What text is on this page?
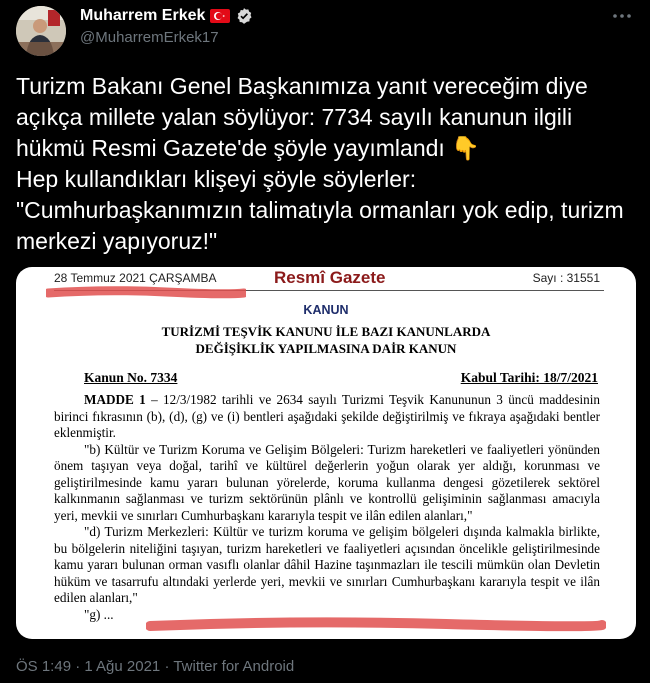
Muharrem Erkek
@MuharremErkek17

Turizm Bakanı Genel Başkanımıza yanıt vereceğim diye açıkça millete yalan söylüyor: 7734 sayılı kanunun ilgili hükmü Resmi Gazete'de şöyle yayımlandı 👇

Hep kullandıkları klişeyi şöyle söylerler:

"Cumhurbaşkanımızın talimatıyla ormanları yok edip, turizm merkezi yapıyoruz!"

28 Temmuz 2021 ÇARŞAMBA	Resmî Gazete	Sayı : 31551
KANUN
TURİZMİ TEŞVİK KANUNU İLE BAZI KANUNLARDA
DEĞİŞİKLİK YAPILMASINA DAİR KANUN
Kanun No. 7334	Kabul Tarihi: 18/7/2021

MADDE 1 – 12/3/1982 tarihli ve 2634 sayılı Turizmi Teşvik Kanununun 3 üncü maddesinin birinci fıkrasının (b), (d), (g) ve (i) bentleri aşağıdaki şekilde değiştirilmiş ve fıkraya aşağıdaki bentler eklenmiştir.

"b) Kültür ve Turizm Koruma ve Gelişim Bölgeleri: Turizm hareketleri ve faaliyetleri yönünden önem taşıyan veya doğal, tarihî ve kültürel değerlerin yoğun olarak yer aldığı, korunması ve geliştirilmesinde kamu yararı bulunan yörelerde, koruma kullanma dengesi gözetilerek sektörel kalkınmanın sağlanması ve turizm sektörünün plânlı ve kontrollü gelişiminin sağlanması amacıyla yeri, mevkii ve sınırları Cumhurbaşkanı kararıyla tespit ve ilân edilen alanları,"

"d) Turizm Merkezleri: Kültür ve turizm koruma ve gelişim bölgeleri dışında kalmakla birlikte, bu bölgelerin niteliğini taşıyan, turizm hareketleri ve faaliyetleri açısından öncelikle geliştirilmesinde kamu yararı bulunan orman vasıflı olanlar dâhil Hazine taşınmazları ile tescili mümkün olan Devletin hüküm ve tasarrufu altındaki yerlerde yeri, mevkii ve sınırları Cumhurbaşkanı kararıyla tespit ve ilân edilen alanları,"

"g) ...

ÖS 1:49 · 1 Ağu 2021 · Twitter for Android
